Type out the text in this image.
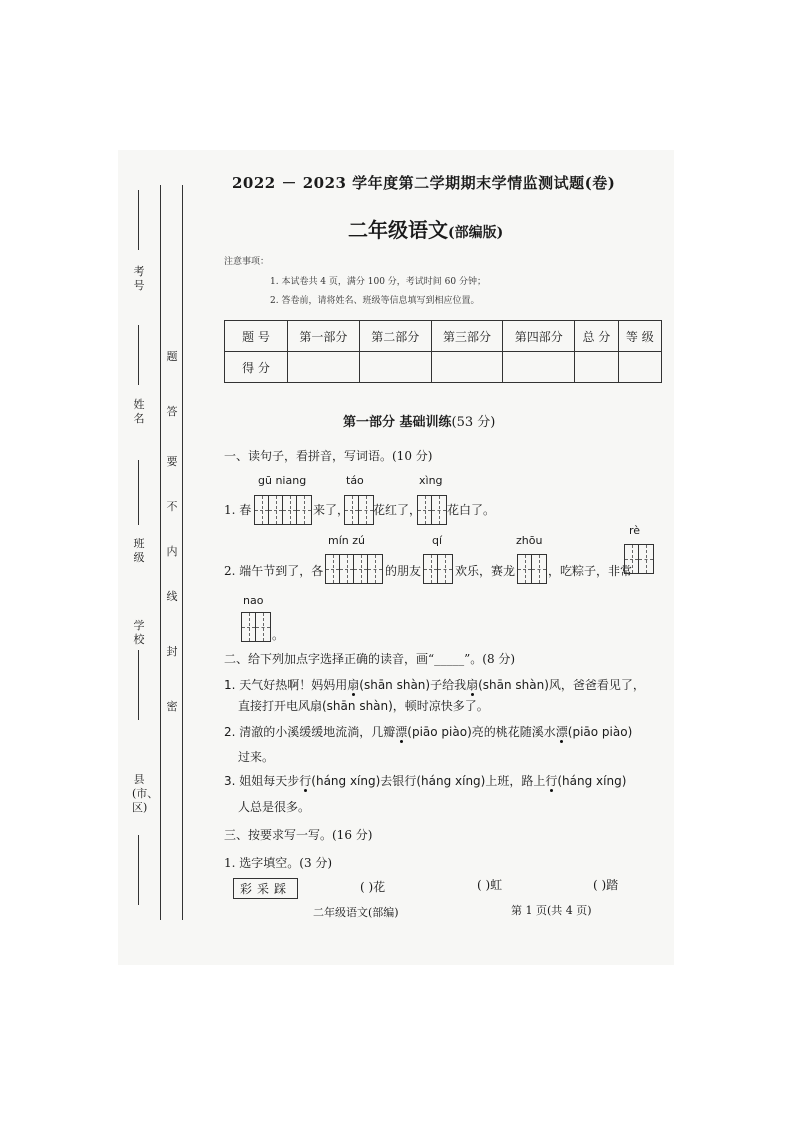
考号
姓名
班级
学校
县(市、区)
题
答
要
不
内
线
封
密
2022 － 2023 学年度第二学期期末学情监测试题(卷)
二年级语文(部编版)
注意事项：
1. 本试卷共 4 页，满分 100 分，考试时间 60 分钟；
2. 答卷前，请将姓名、班级等信息填写到相应位置。
题 号	第一部分	第二部分	第三部分	第四部分	总 分	等 级
得 分						
第一部分 基础训练(53 分)
一、读句子，看拼音，写词语。(10 分)
gū niang	táo	xìng
1. 春	来了， 花红了， 花白了。
mín zú	qí	zhōu
rè
2. 端午节到了，各	的朋友	欢乐，赛龙	，吃粽子，非常
nao
。
二、给下列加点字选择正确的读音，画“_____”。(8 分)
1. 天气好热啊！妈妈用扇(shān shàn)子给我扇(shān shàn)风，爸爸看见了，
直接打开电风扇(shān shàn)，顿时凉快多了。
2. 清澈的小溪缓缓地流淌，几瓣漂(piāo piào)亮的桃花随溪水漂(piāo piào)
过来。
3. 姐姐每天步行(háng xíng)去银行(háng xíng)上班，路上行(háng xíng)
人总是很多。
三、按要求写一写。(16 分)
1. 选字填空。(3 分)
彩采踩	( )花	( )虹	( )踏
二年级语文(部编)	第 1 页(共 4 页)
